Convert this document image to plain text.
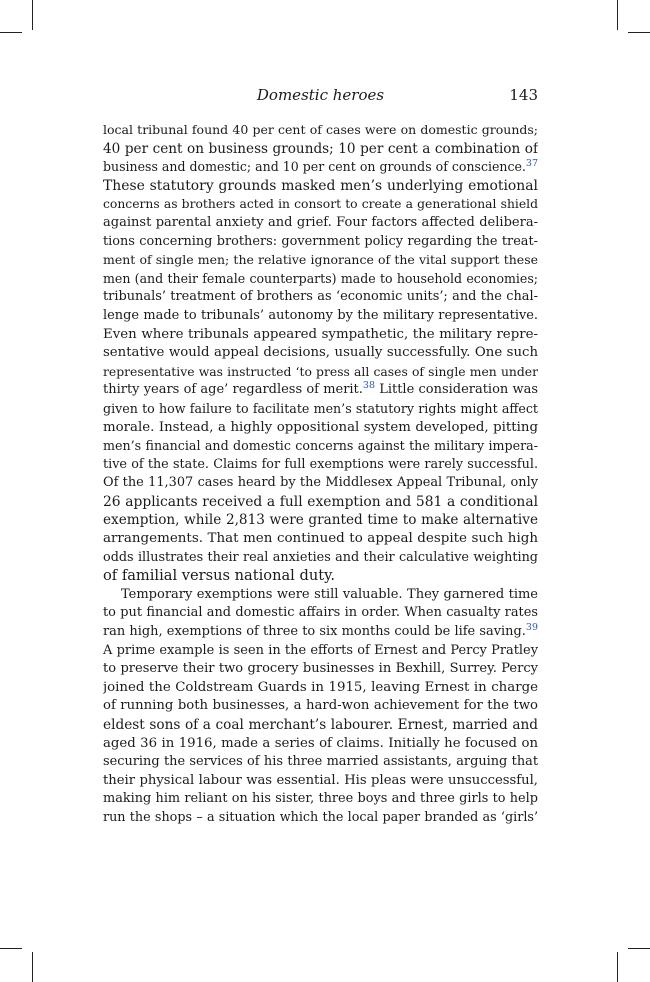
Domestic heroes	143
local tribunal found 40 per cent of cases were on domestic grounds;
40 per cent on business grounds; 10 per cent a combination of
business and domestic; and 10 per cent on grounds of conscience.$^{37}$
These statutory grounds masked men’s underlying emotional
concerns as brothers acted in consort to create a generational shield
against parental anxiety and grief. Four factors affected delibera-
tions concerning brothers: government policy regarding the treat-
ment of single men; the relative ignorance of the vital support these
men (and their female counterparts) made to household economies;
tribunals’ treatment of brothers as ‘economic units’; and the chal-
lenge made to tribunals’ autonomy by the military representative.
Even where tribunals appeared sympathetic, the military repre-
sentative would appeal decisions, usually successfully. One such
representative was instructed ‘to press all cases of single men under
thirty years of age’ regardless of merit.$^{38}$ Little consideration was
given to how failure to facilitate men’s statutory rights might affect
morale. Instead, a highly oppositional system developed, pitting
men’s financial and domestic concerns against the military impera-
tive of the state. Claims for full exemptions were rarely successful.
Of the 11,307 cases heard by the Middlesex Appeal Tribunal, only
26 applicants received a full exemption and 581 a conditional
exemption, while 2,813 were granted time to make alternative
arrangements. That men continued to appeal despite such high
odds illustrates their real anxieties and their calculative weighting
of familial versus national duty.
Temporary exemptions were still valuable. They garnered time
to put financial and domestic affairs in order. When casualty rates
ran high, exemptions of three to six months could be life saving.$^{39}$
A prime example is seen in the efforts of Ernest and Percy Pratley
to preserve their two grocery businesses in Bexhill, Surrey. Percy
joined the Coldstream Guards in 1915, leaving Ernest in charge
of running both businesses, a hard-won achievement for the two
eldest sons of a coal merchant’s labourer. Ernest, married and
aged 36 in 1916, made a series of claims. Initially he focused on
securing the services of his three married assistants, arguing that
their physical labour was essential. His pleas were unsuccessful,
making him reliant on his sister, three boys and three girls to help
run the shops – a situation which the local paper branded as ‘girls’
